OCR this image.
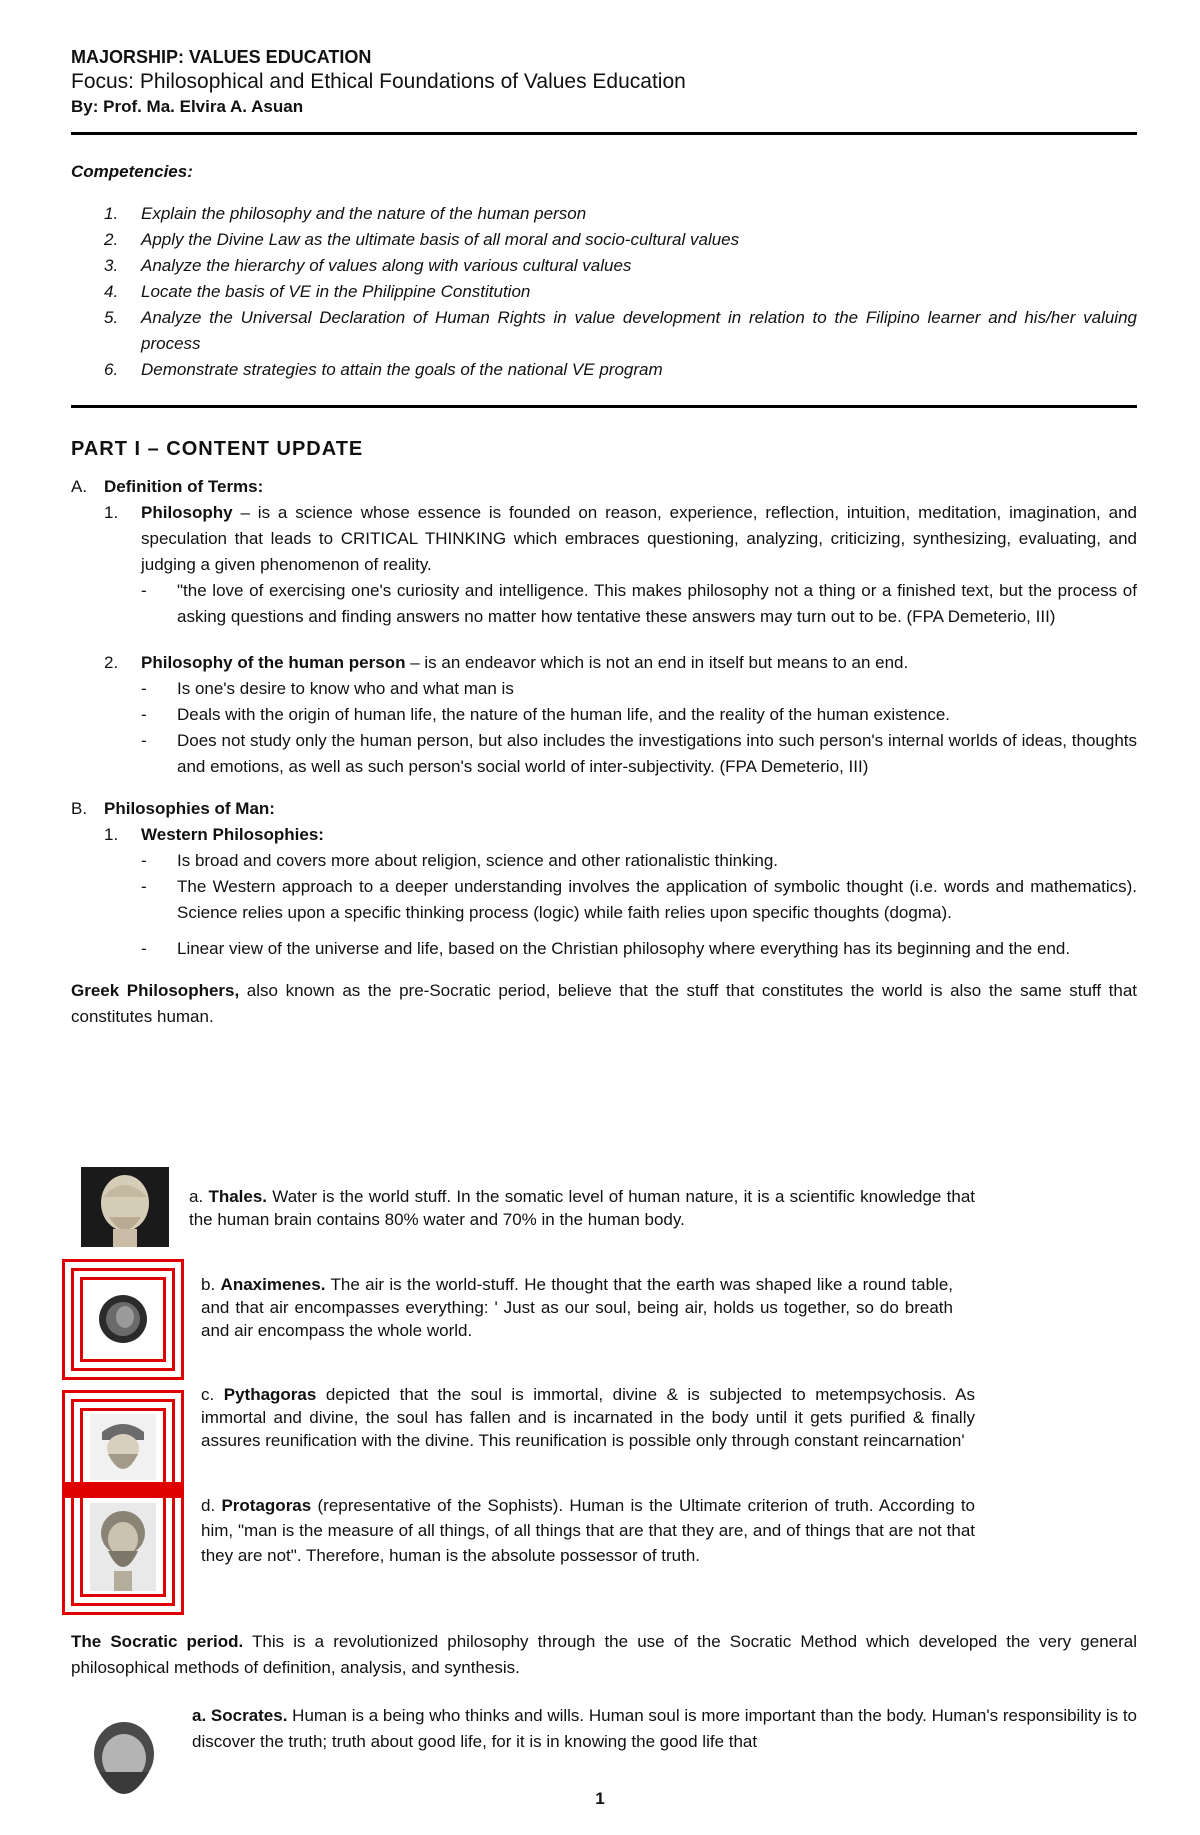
MAJORSHIP: VALUES EDUCATION
Focus: Philosophical and Ethical Foundations of Values Education
By: Prof. Ma. Elvira A. Asuan
Competencies:
1. Explain the philosophy and the nature of the human person
2. Apply the Divine Law as the ultimate basis of all moral and socio-cultural values
3. Analyze the hierarchy of values along with various cultural values
4. Locate the basis of VE in the Philippine Constitution
5. Analyze the Universal Declaration of Human Rights in value development in relation to the Filipino learner and his/her valuing process
6. Demonstrate strategies to attain the goals of the national VE program
PART I – CONTENT UPDATE
A. Definition of Terms:
1. Philosophy – is a science whose essence is founded on reason, experience, reflection, intuition, meditation, imagination, and speculation that leads to CRITICAL THINKING which embraces questioning, analyzing, criticizing, synthesizing, evaluating, and judging a given phenomenon of reality.
- "the love of exercising one's curiosity and intelligence. This makes philosophy not a thing or a finished text, but the process of asking questions and finding answers no matter how tentative these answers may turn out to be. (FPA Demeterio, III)
2. Philosophy of the human person – is an endeavor which is not an end in itself but means to an end.
- Is one's desire to know who and what man is
- Deals with the origin of human life, the nature of the human life, and the reality of the human existence.
- Does not study only the human person, but also includes the investigations into such person's internal worlds of ideas, thoughts and emotions, as well as such person's social world of inter-subjectivity. (FPA Demeterio, III)
B. Philosophies of Man:
1. Western Philosophies:
- Is broad and covers more about religion, science and other rationalistic thinking.
- The Western approach to a deeper understanding involves the application of symbolic thought (i.e. words and mathematics). Science relies upon a specific thinking process (logic) while faith relies upon specific thoughts (dogma).
- Linear view of the universe and life, based on the Christian philosophy where everything has its beginning and the end.
Greek Philosophers, also known as the pre-Socratic period, believe that the stuff that constitutes the world is also the same stuff that constitutes human.
a. Thales. Water is the world stuff. In the somatic level of human nature, it is a scientific knowledge that the human brain contains 80% water and 70% in the human body.
b. Anaximenes. The air is the world-stuff. He thought that the earth was shaped like a round table, and that air encompasses everything: ' Just as our soul, being air, holds us together, so do breath and air encompass the whole world.
c. Pythagoras depicted that the soul is immortal, divine & is subjected to metempsychosis. As immortal and divine, the soul has fallen and is incarnated in the body until it gets purified & finally assures reunification with the divine. This reunification is possible only through constant reincarnation'
d. Protagoras (representative of the Sophists). Human is the Ultimate criterion of truth. According to him, "man is the measure of all things, of all things that are that they are, and of things that are not that they are not". Therefore, human is the absolute possessor of truth.
The Socratic period. This is a revolutionized philosophy through the use of the Socratic Method which developed the very general philosophical methods of definition, analysis, and synthesis.
a. Socrates. Human is a being who thinks and wills. Human soul is more important than the body. Human's responsibility is to discover the truth; truth about good life, for it is in knowing the good life that
1
